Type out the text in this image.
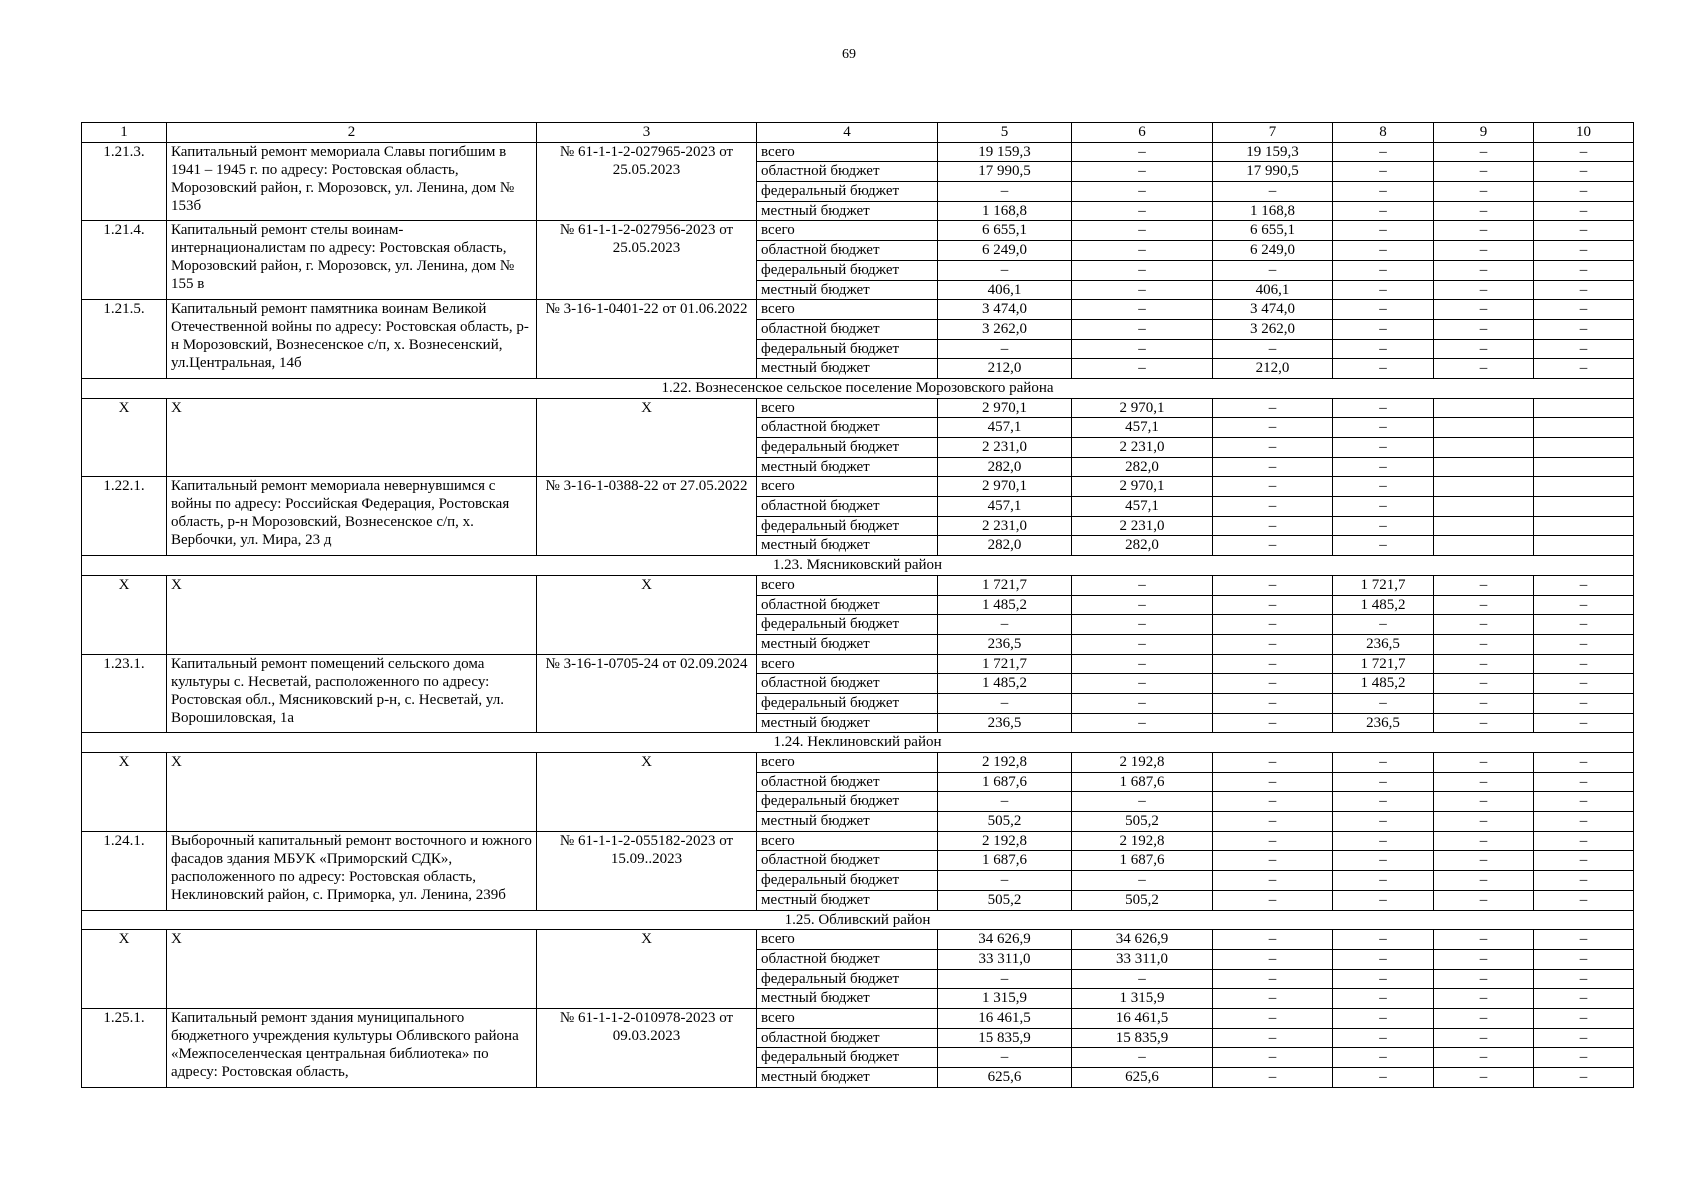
69
1	2	3	4	5	6	7	8	9	10
1.21.3.	Капитальный ремонт мемориала Славы погибшим в 1941 – 1945 г. по адресу: Ростовская область, Морозовский район, г. Морозовск, ул. Ленина, дом № 153б	№ 61-1-1-2-027965-2023 от 25.05.2023	всего	19 159,3	–	19 159,3	–	–	–
			областной бюджет	17 990,5	–	17 990,5	–	–	–
			федеральный бюджет	–	–	–	–	–	–
			местный бюджет	1 168,8	–	1 168,8	–	–	–
1.21.4.	Капитальный ремонт стелы воинам-интернационалистам по адресу: Ростовская область, Морозовский район, г. Морозовск, ул. Ленина, дом № 155 в	№ 61-1-1-2-027956-2023 от 25.05.2023	всего	6 655,1	–	6 655,1	–	–	–
			областной бюджет	6 249,0	–	6 249,0	–	–	–
			федеральный бюджет	–	–	–	–	–	–
			местный бюджет	406,1	–	406,1	–	–	–
1.21.5.	Капитальный ремонт памятника воинам Великой Отечественной войны по адресу: Ростовская область, р-н Морозовский, Вознесенское с/п, х. Вознесенский, ул.Центральная, 14б	№ 3-16-1-0401-22 от 01.06.2022	всего	3 474,0	–	3 474,0	–	–	–
			областной бюджет	3 262,0	–	3 262,0	–	–	–
			федеральный бюджет	–	–	–	–	–	–
			местный бюджет	212,0	–	212,0	–	–	–
1.22. Вознесенское сельское поселение Морозовского района									
Х	Х	Х	всего	2 970,1	2 970,1	–	–		
			областной бюджет	457,1	457,1	–	–		
			федеральный бюджет	2 231,0	2 231,0	–	–		
			местный бюджет	282,0	282,0	–	–		
1.22.1.	Капитальный ремонт мемориала невернувшимся с войны по адресу: Российская Федерация, Ростовская область, р-н Морозовский, Вознесенское с/п, х. Вербочки, ул. Мира, 23 д	№ 3-16-1-0388-22 от 27.05.2022	всего	2 970,1	2 970,1	–	–		
			областной бюджет	457,1	457,1	–	–		
			федеральный бюджет	2 231,0	2 231,0	–	–		
			местный бюджет	282,0	282,0	–	–		
1.23. Мясниковский район									
Х	Х	Х	всего	1 721,7	–	–	1 721,7	–	–
			областной бюджет	1 485,2	–	–	1 485,2	–	–
			федеральный бюджет	–	–	–	–	–	–
			местный бюджет	236,5	–	–	236,5	–	–
1.23.1.	Капитальный ремонт помещений сельского дома культуры с. Несветай, расположенного по адресу: Ростовская обл., Мясниковский р-н, с. Несветай, ул. Ворошиловская, 1а	№ 3-16-1-0705-24 от 02.09.2024	всего	1 721,7	–	–	1 721,7	–	–
			областной бюджет	1 485,2	–	–	1 485,2	–	–
			федеральный бюджет	–	–	–	–	–	–
			местный бюджет	236,5	–	–	236,5	–	–
1.24. Неклиновский район									
Х	Х	Х	всего	2 192,8	2 192,8	–	–	–	–
			областной бюджет	1 687,6	1 687,6	–	–	–	–
			федеральный бюджет	–	–	–	–	–	–
			местный бюджет	505,2	505,2	–	–	–	–
1.24.1.	Выборочный капитальный ремонт восточного и южного фасадов здания МБУК «Приморский СДК», расположенного по адресу: Ростовская область, Неклиновский район, с. Приморка, ул. Ленина, 239б	№ 61-1-1-2-055182-2023 от 15.09..2023	всего	2 192,8	2 192,8	–	–	–	–
			областной бюджет	1 687,6	1 687,6	–	–	–	–
			федеральный бюджет	–	–	–	–	–	–
			местный бюджет	505,2	505,2	–	–	–	–
1.25. Обливский район									
Х	Х	Х	всего	34 626,9	34 626,9	–	–	–	–
			областной бюджет	33 311,0	33 311,0	–	–	–	–
			федеральный бюджет	–	–	–	–	–	–
			местный бюджет	1 315,9	1 315,9	–	–	–	–
1.25.1.	Капитальный ремонт здания муниципального бюджетного учреждения культуры Обливского района «Межпоселенческая центральная библиотека» по адресу: Ростовская область,	№ 61-1-1-2-010978-2023 от 09.03.2023	всего	16 461,5	16 461,5	–	–	–	–
			областной бюджет	15 835,9	15 835,9	–	–	–	–
			федеральный бюджет	–	–	–	–	–	–
			местный бюджет	625,6	625,6	–	–	–	–
